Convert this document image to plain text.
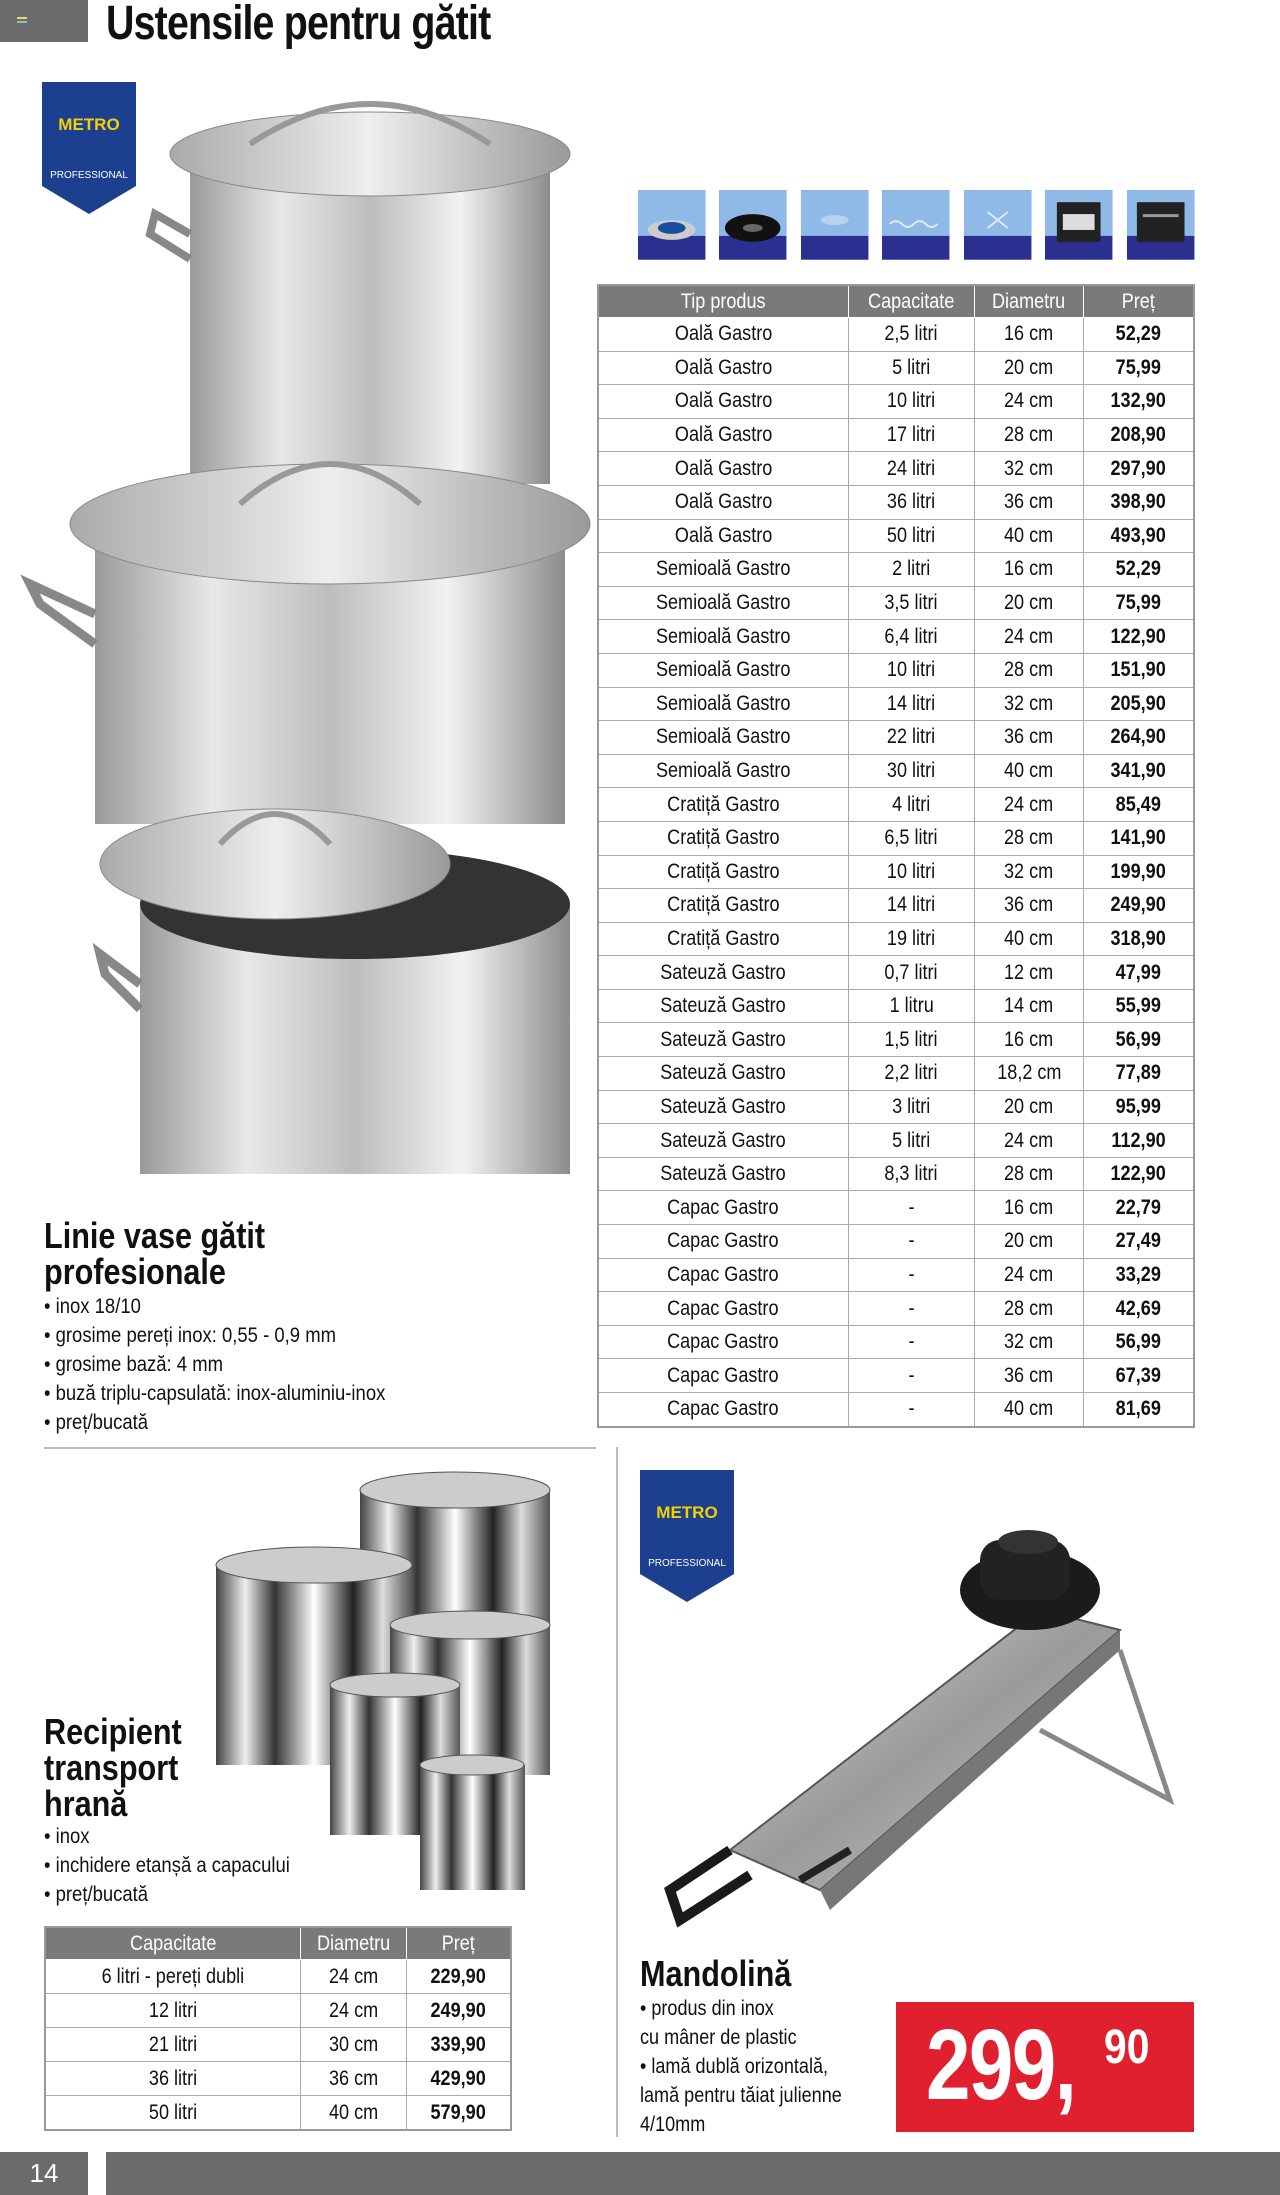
Ustensile pentru gătit
METRO
PROFESSIONAL
Tip produs	Capacitate	Diametru	Preț
Oală Gastro	2,5 litri	16 cm	52,29
Oală Gastro	5 litri	20 cm	75,99
Oală Gastro	10 litri	24 cm	132,90
Oală Gastro	17 litri	28 cm	208,90
Oală Gastro	24 litri	32 cm	297,90
Oală Gastro	36 litri	36 cm	398,90
Oală Gastro	50 litri	40 cm	493,90
Semioală Gastro	2 litri	16 cm	52,29
Semioală Gastro	3,5 litri	20 cm	75,99
Semioală Gastro	6,4 litri	24 cm	122,90
Semioală Gastro	10 litri	28 cm	151,90
Semioală Gastro	14 litri	32 cm	205,90
Semioală Gastro	22 litri	36 cm	264,90
Semioală Gastro	30 litri	40 cm	341,90
Cratiță Gastro	4 litri	24 cm	85,49
Cratiță Gastro	6,5 litri	28 cm	141,90
Cratiță Gastro	10 litri	32 cm	199,90
Cratiță Gastro	14 litri	36 cm	249,90
Cratiță Gastro	19 litri	40 cm	318,90
Sateuză Gastro	0,7 litri	12 cm	47,99
Sateuză Gastro	1 litru	14 cm	55,99
Sateuză Gastro	1,5 litri	16 cm	56,99
Sateuză Gastro	2,2 litri	18,2 cm	77,89
Sateuză Gastro	3 litri	20 cm	95,99
Sateuză Gastro	5 litri	24 cm	112,90
Sateuză Gastro	8,3 litri	28 cm	122,90
Capac Gastro	-	16 cm	22,79
Capac Gastro	-	20 cm	27,49
Capac Gastro	-	24 cm	33,29
Capac Gastro	-	28 cm	42,69
Capac Gastro	-	32 cm	56,99
Capac Gastro	-	36 cm	67,39
Capac Gastro	-	40 cm	81,69
Linie vase gătit
profesionale
• inox 18/10
• grosime pereți inox: 0,55 - 0,9 mm
• grosime bază: 4 mm
• buză triplu-capsulată: inox-aluminiu-inox
• preț/bucată
Recipient
transport
hrană
• inox
• inchidere etanșă a capacului
• preț/bucată
Capacitate	Diametru	Preț
6 litri - pereți dubli	24 cm	229,90
12 litri	24 cm	249,90
21 litri	30 cm	339,90
36 litri	36 cm	429,90
50 litri	40 cm	579,90
METRO
PROFESSIONAL
Mandolină
• produs din inox
cu mâner de plastic
• lamă dublă orizontală,
lamă pentru tăiat julienne
4/10mm
299, 90
14
